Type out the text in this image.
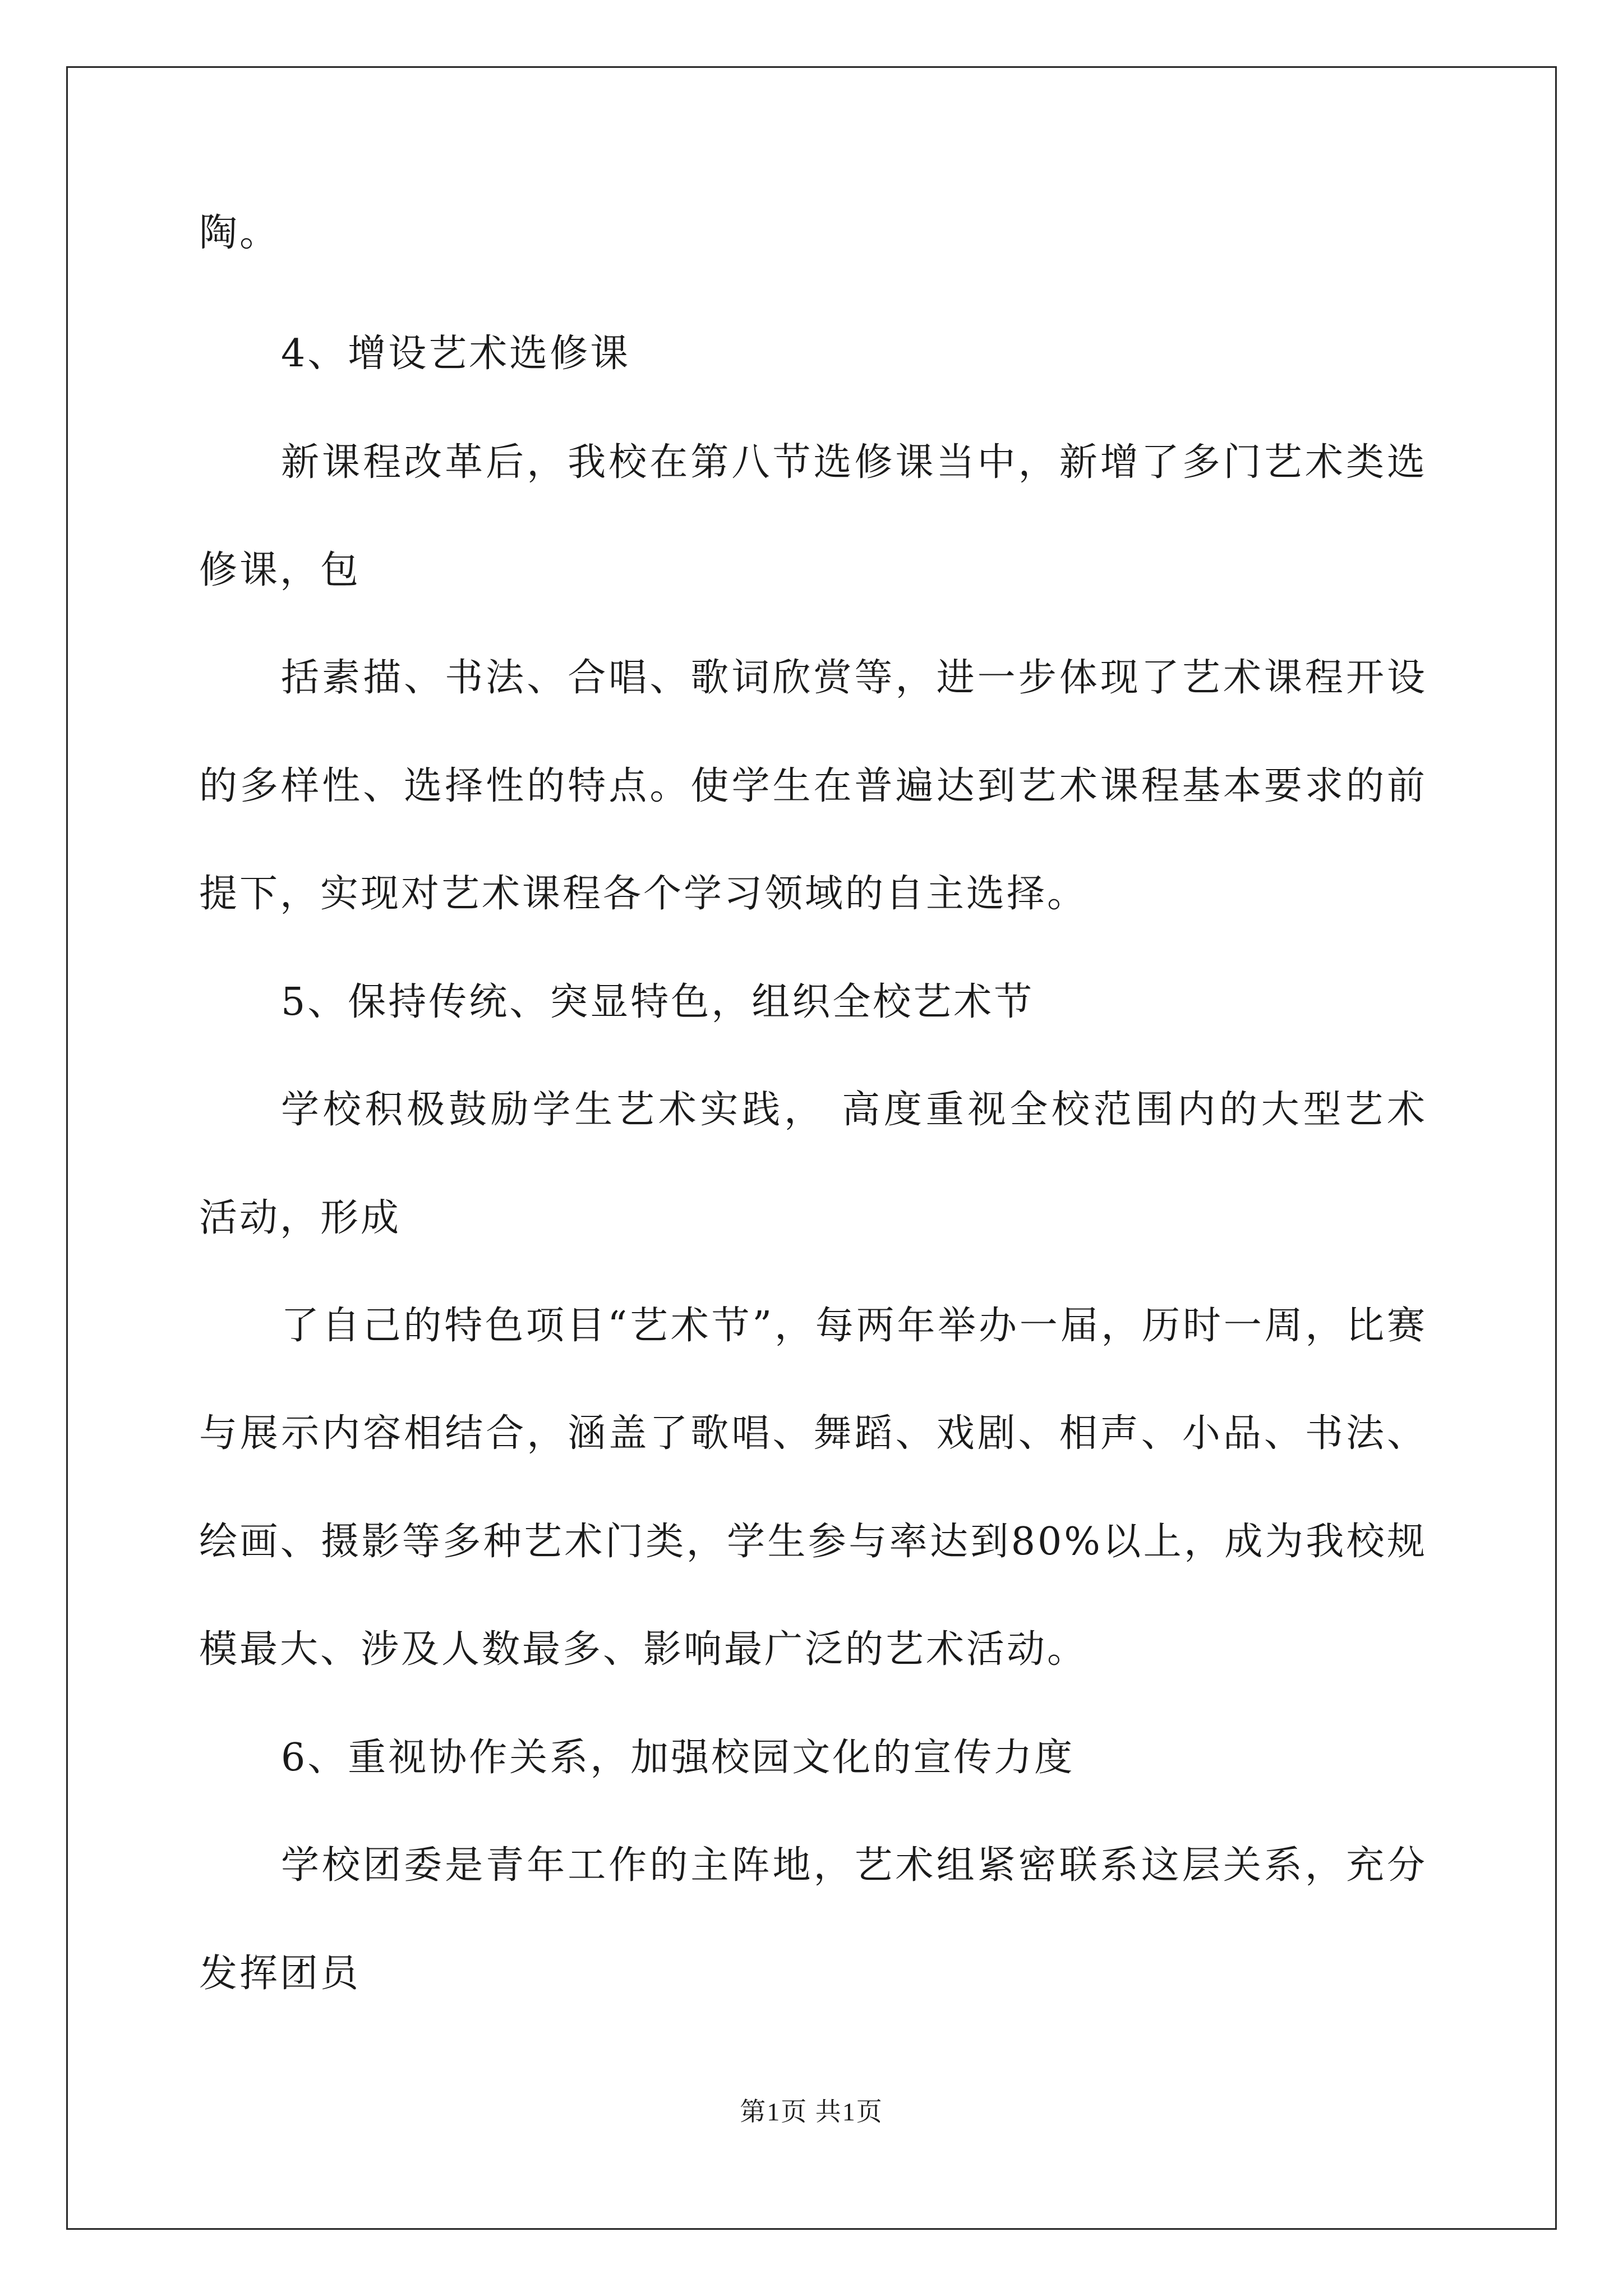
陶。
4、增设艺术选修课
新课程改革后，我校在第八节选修课当中，新增了多门艺术类选
修课，包
括素描、书法、合唱、歌词欣赏等，进一步体现了艺术课程开设
的多样性、选择性的特点。使学生在普遍达到艺术课程基本要求的前
提下，实现对艺术课程各个学习领域的自主选择。
5、保持传统、突显特色，组织全校艺术节
学校积极鼓励学生艺术实践， 高度重视全校范围内的大型艺术
活动，形成
了自己的特色项目“艺术节”，每两年举办一届，历时一周，比赛
与展示内容相结合，涵盖了歌唱、舞蹈、戏剧、相声、小品、书法、
绘画、摄影等多种艺术门类，学生参与率达到80%以上，成为我校规
模最大、涉及人数最多、影响最广泛的艺术活动。
6、重视协作关系，加强校园文化的宣传力度
学校团委是青年工作的主阵地，艺术组紧密联系这层关系，充分
发挥团员
第1页 共1页
